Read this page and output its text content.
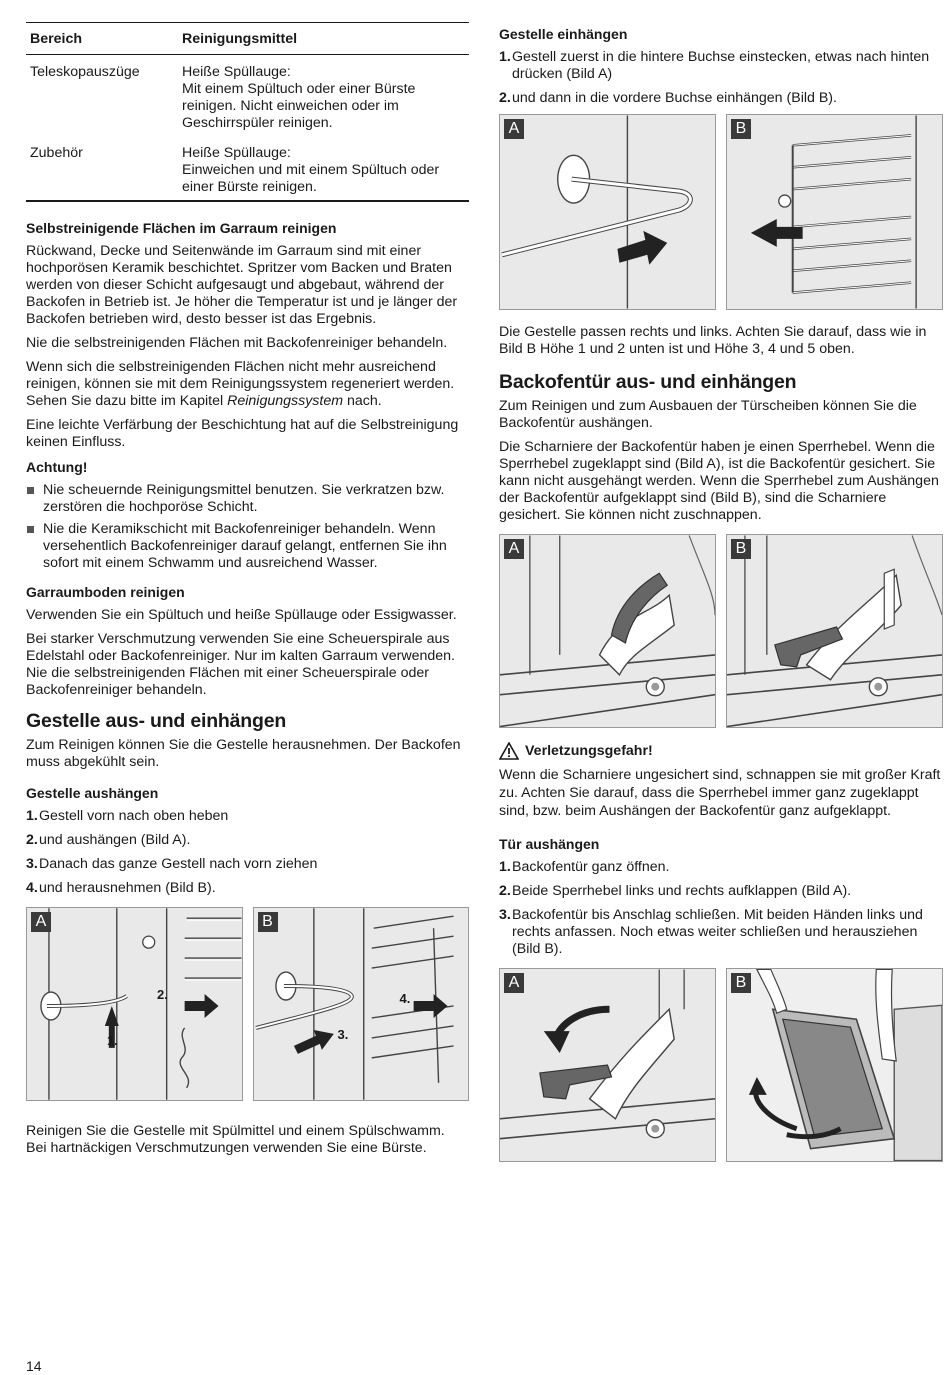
Bereich	Reinigungsmittel
Teleskopauszüge	Heiße Spüllauge:
Mit einem Spültuch oder einer Bürste reinigen. Nicht einweichen oder im Geschirrspüler reinigen.

Zubehör	Heiße Spüllauge:
Einweichen und mit einem Spültuch oder einer Bürste reinigen.
Selbstreinigende Flächen im Garraum reinigen

Rückwand, Decke und Seitenwände im Garraum sind mit einer hochporösen Keramik beschichtet. Spritzer vom Backen und Braten werden von dieser Schicht aufgesaugt und abgebaut, während der Backofen in Betrieb ist. Je höher die Temperatur ist und je länger der Backofen betrieben wird, desto besser ist das Ergebnis.

Nie die selbstreinigenden Flächen mit Backofenreiniger behandeln.

Wenn sich die selbstreinigenden Flächen nicht mehr ausreichend reinigen, können sie mit dem Reinigungssystem regeneriert werden. Sehen Sie dazu bitte im Kapitel Reinigungssystem nach.

Eine leichte Verfärbung der Beschichtung hat auf die Selbstreinigung keinen Einfluss.

Achtung!
Nie scheuernde Reinigungsmittel benutzen. Sie verkratzen bzw. zerstören die hochporöse Schicht.
Nie die Keramikschicht mit Backofenreiniger behandeln. Wenn versehentlich Backofenreiniger darauf gelangt, entfernen Sie ihn sofort mit einem Schwamm und ausreichend Wasser.
Garraumboden reinigen

Verwenden Sie ein Spültuch und heiße Spüllauge oder Essigwasser.

Bei starker Verschmutzung verwenden Sie eine Scheuerspirale aus Edelstahl oder Backofenreiniger. Nur im kalten Garraum verwenden. Nie die selbstreinigenden Flächen mit einer Scheuerspirale oder Backofenreiniger behandeln.

Gestelle aus- und einhängen

Zum Reinigen können Sie die Gestelle herausnehmen. Der Backofen muss abgekühlt sein.

Gestelle aushängen
1. Gestell vorn nach oben heben
2. und aushängen (Bild A).
3. Danach das ganze Gestell nach vorn ziehen
4. und herausnehmen (Bild B).
A
1.
2.
B
3.
4.

Reinigen Sie die Gestelle mit Spülmittel und einem Spülschwamm. Bei hartnäckigen Verschmutzungen verwenden Sie eine Bürste.

Gestelle einhängen
1. Gestell zuerst in die hintere Buchse einstecken, etwas nach hinten drücken (Bild A)
2. und dann in die vordere Buchse einhängen (Bild B).
A	B

Die Gestelle passen rechts und links. Achten Sie darauf, dass wie in Bild B Höhe 1 und 2 unten ist und Höhe 3, 4 und 5 oben.

Backofentür aus- und einhängen

Zum Reinigen und zum Ausbauen der Türscheiben können Sie die Backofentür aushängen.

Die Scharniere der Backofentür haben je einen Sperrhebel. Wenn die Sperrhebel zugeklappt sind (Bild A), ist die Backofentür gesichert. Sie kann nicht ausgehängt werden. Wenn die Sperrhebel zum Aushängen der Backofentür aufgeklappt sind (Bild B), sind die Scharniere gesichert. Sie können nicht zuschnappen.

A	B
Verletzungsgefahr!

Wenn die Scharniere ungesichert sind, schnappen sie mit großer Kraft zu. Achten Sie darauf, dass die Sperrhebel immer ganz zugeklappt sind, bzw. beim Aushängen der Backofentür ganz aufgeklappt.

Tür aushängen
1. Backofentür ganz öffnen.
2. Beide Sperrhebel links und rechts aufklappen (Bild A).
3. Backofentür bis Anschlag schließen. Mit beiden Händen links und rechts anfassen. Noch etwas weiter schließen und herausziehen (Bild B).
A	B
14
